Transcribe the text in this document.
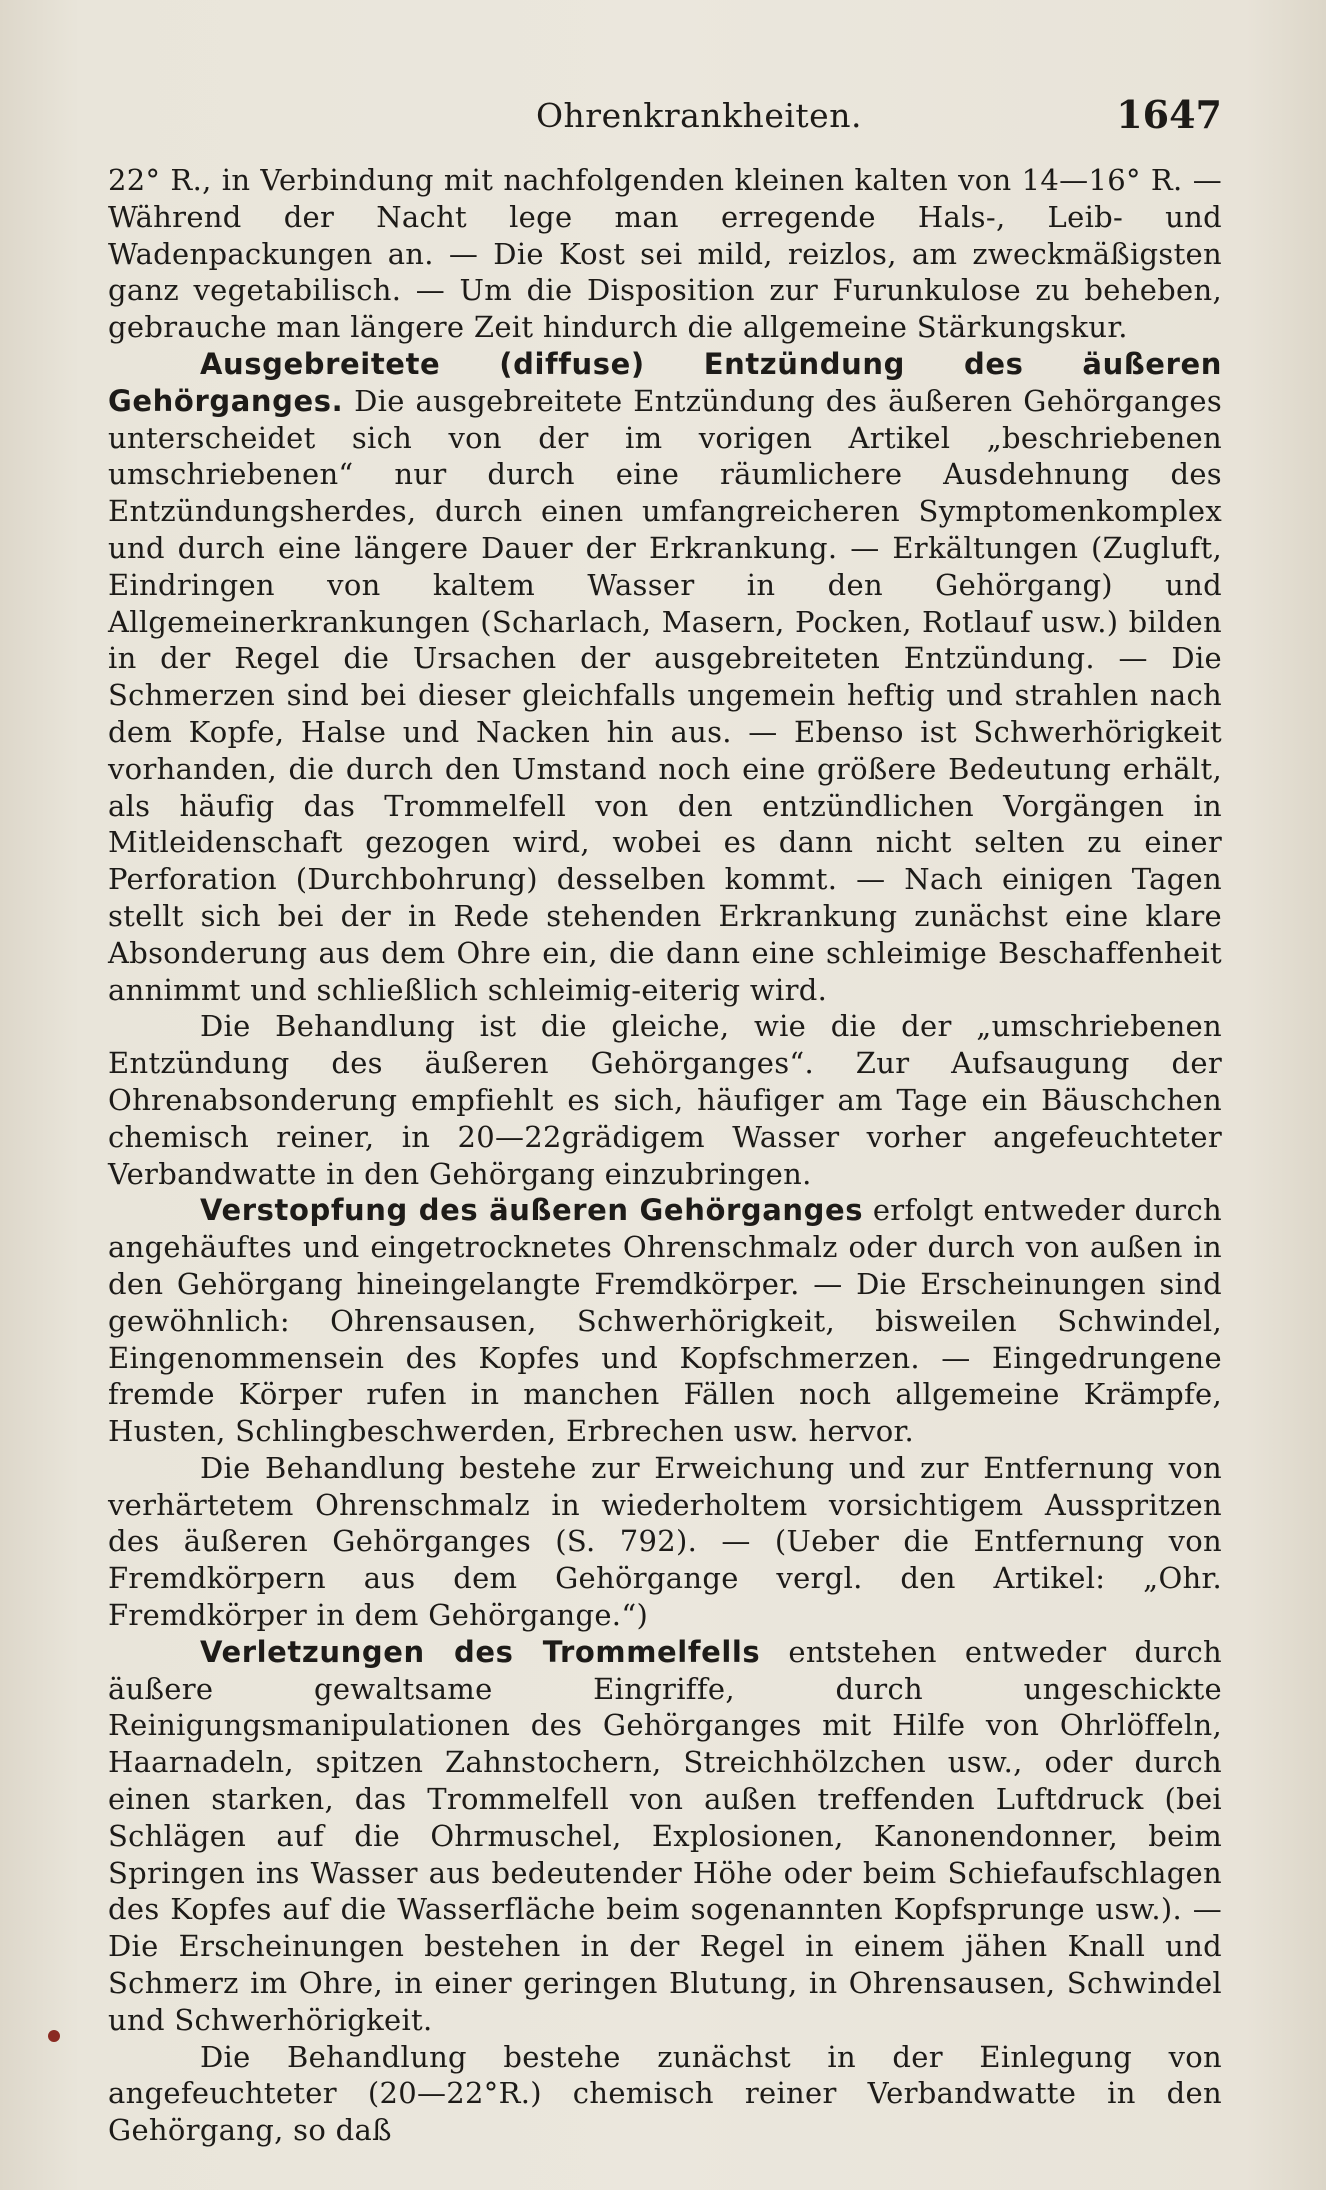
Ohrenkrankheiten.	1647

22° R., in Verbindung mit nachfolgenden kleinen kalten von 14—16° R. — Während der Nacht lege man erregende Hals-, Leib- und Wadenpackungen an. — Die Kost sei mild, reizlos, am zweckmäßigsten ganz vegetabilisch. — Um die Disposition zur Furunkulose zu beheben, gebrauche man längere Zeit hindurch die allgemeine Stärkungskur.

Ausgebreitete (diffuse) Entzündung des äußeren Gehörganges. Die ausgebreitete Entzündung des äußeren Gehörganges unterscheidet sich von der im vorigen Artikel „beschriebenen umschriebenen“ nur durch eine räumlichere Ausdehnung des Entzündungsherdes, durch einen umfangreicheren Symptomenkomplex und durch eine längere Dauer der Erkrankung. — Erkältungen (Zugluft, Eindringen von kaltem Wasser in den Gehörgang) und Allgemeinerkrankungen (Scharlach, Masern, Pocken, Rotlauf usw.) bilden in der Regel die Ursachen der ausgebreiteten Entzündung. — Die Schmerzen sind bei dieser gleichfalls ungemein heftig und strahlen nach dem Kopfe, Halse und Nacken hin aus. — Ebenso ist Schwerhörigkeit vorhanden, die durch den Umstand noch eine größere Bedeutung erhält, als häufig das Trommelfell von den entzündlichen Vorgängen in Mitleidenschaft gezogen wird, wobei es dann nicht selten zu einer Perforation (Durchbohrung) desselben kommt. — Nach einigen Tagen stellt sich bei der in Rede stehenden Erkrankung zunächst eine klare Absonderung aus dem Ohre ein, die dann eine schleimige Beschaffenheit annimmt und schließlich schleimig-eiterig wird.

Die Behandlung ist die gleiche, wie die der „umschriebenen Entzündung des äußeren Gehörganges“. Zur Aufsaugung der Ohrenabsonderung empfiehlt es sich, häufiger am Tage ein Bäuschchen chemisch reiner, in 20—22grädigem Wasser vorher angefeuchteter Verbandwatte in den Gehörgang einzubringen.

Verstopfung des äußeren Gehörganges erfolgt entweder durch angehäuftes und eingetrocknetes Ohrenschmalz oder durch von außen in den Gehörgang hineingelangte Fremdkörper. — Die Erscheinungen sind gewöhnlich: Ohrensausen, Schwerhörigkeit, bisweilen Schwindel, Eingenommensein des Kopfes und Kopfschmerzen. — Eingedrungene fremde Körper rufen in manchen Fällen noch allgemeine Krämpfe, Husten, Schlingbeschwerden, Erbrechen usw. hervor.

Die Behandlung bestehe zur Erweichung und zur Entfernung von verhärtetem Ohrenschmalz in wiederholtem vorsichtigem Ausspritzen des äußeren Gehörganges (S. 792). — (Ueber die Entfernung von Fremdkörpern aus dem Gehörgange vergl. den Artikel: „Ohr. Fremdkörper in dem Gehörgange.“)

Verletzungen des Trommelfells entstehen entweder durch äußere gewaltsame Eingriffe, durch ungeschickte Reinigungsmanipulationen des Gehörganges mit Hilfe von Ohrlöffeln, Haarnadeln, spitzen Zahnstochern, Streichhölzchen usw., oder durch einen starken, das Trommelfell von außen treffenden Luftdruck (bei Schlägen auf die Ohrmuschel, Explosionen, Kanonendonner, beim Springen ins Wasser aus bedeutender Höhe oder beim Schiefaufschlagen des Kopfes auf die Wasserfläche beim sogenannten Kopfsprunge usw.). — Die Erscheinungen bestehen in der Regel in einem jähen Knall und Schmerz im Ohre, in einer geringen Blutung, in Ohrensausen, Schwindel und Schwerhörigkeit.

Die Behandlung bestehe zunächst in der Einlegung von angefeuchteter (20—22°R.) chemisch reiner Verbandwatte in den Gehörgang, so daß
